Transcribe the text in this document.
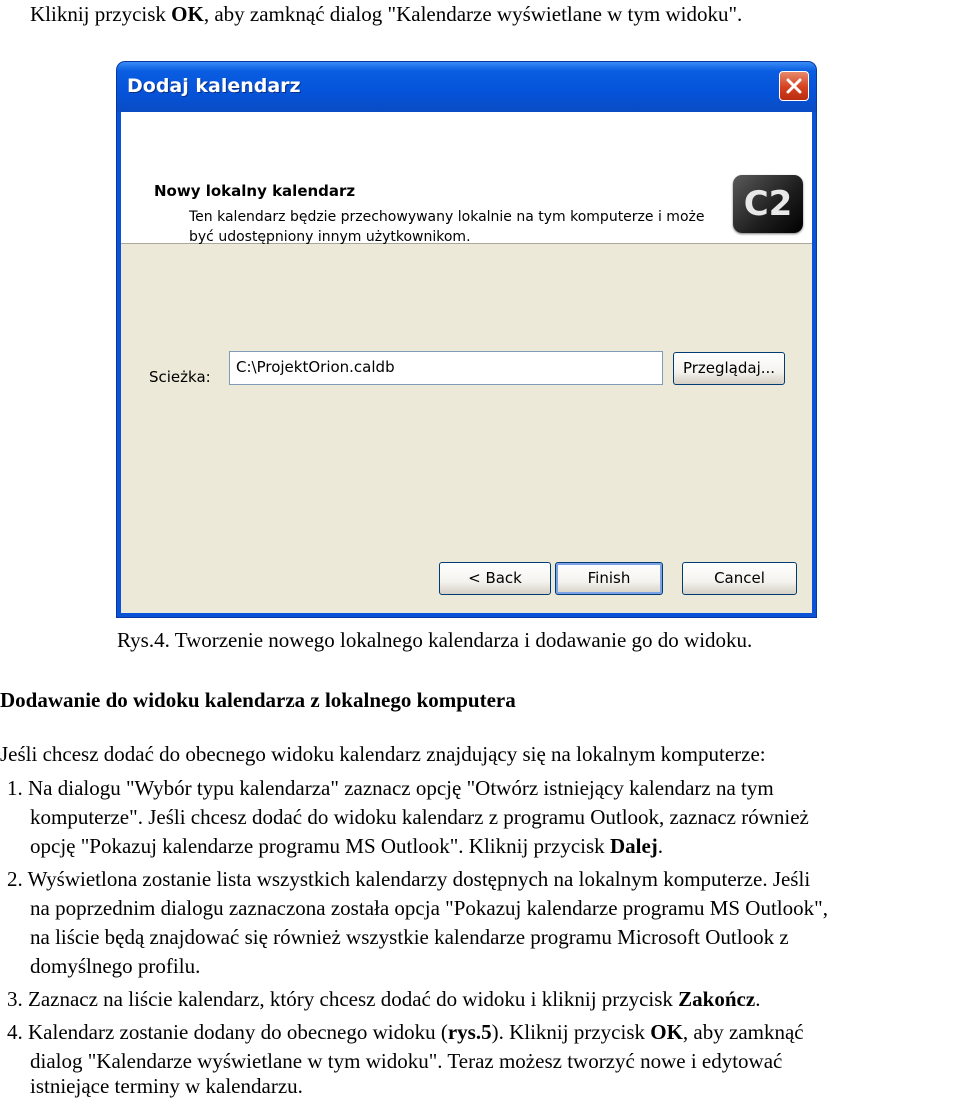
Kliknij przycisk OK, aby zamknąć dialog "Kalendarze wyświetlane w tym widoku".
Dodaj kalendarz
Nowy lokalny kalendarz
Ten kalendarz będzie przechowywany lokalnie na tym komputerze i może być udostępniony innym użytkownikom.
C2
Scieżka:
C:\ProjektOrion.caldb	Przeglądaj...
< Back	Finish	Cancel
Rys.4. Tworzenie nowego lokalnego kalendarza i dodawanie go do widoku.
Dodawanie do widoku kalendarza z lokalnego komputera
Jeśli chcesz dodać do obecnego widoku kalendarz znajdujący się na lokalnym komputerze:
1. Na dialogu "Wybór typu kalendarza" zaznacz opcję "Otwórz istniejący kalendarz na tym
komputerze". Jeśli chcesz dodać do widoku kalendarz z programu Outlook, zaznacz również
opcję "Pokazuj kalendarze programu MS Outlook". Kliknij przycisk Dalej.
2. Wyświetlona zostanie lista wszystkich kalendarzy dostępnych na lokalnym komputerze. Jeśli
na poprzednim dialogu zaznaczona została opcja "Pokazuj kalendarze programu MS Outlook",
na liście będą znajdować się również wszystkie kalendarze programu Microsoft Outlook z
domyślnego profilu.
3. Zaznacz na liście kalendarz, który chcesz dodać do widoku i kliknij przycisk Zakończ.
4. Kalendarz zostanie dodany do obecnego widoku (rys.5). Kliknij przycisk OK, aby zamknąć
dialog "Kalendarze wyświetlane w tym widoku". Teraz możesz tworzyć nowe i edytować
istniejące terminy w kalendarzu.
